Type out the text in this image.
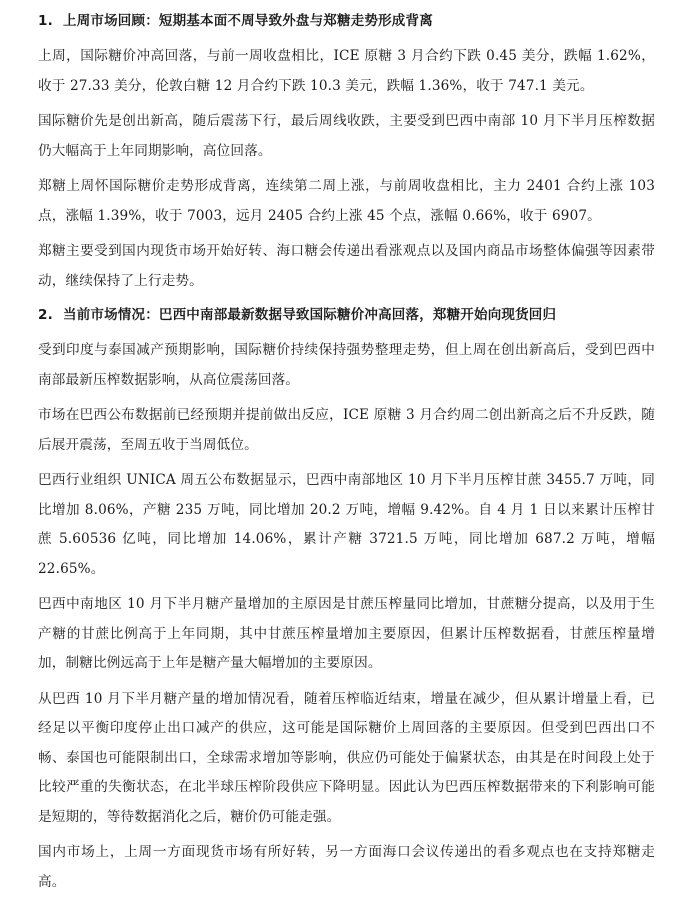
1. 上周市场回顾：短期基本面不周导致外盘与郑糖走势形成背离

上周，国际糖价冲高回落，与前一周收盘相比，ICE 原糖 3 月合约下跌 0.45 美分，跌幅 1.62%，收于 27.33 美分，伦敦白糖 12 月合约下跌 10.3 美元，跌幅 1.36%，收于 747.1 美元。

国际糖价先是创出新高，随后震荡下行，最后周线收跌，主要受到巴西中南部 10 月下半月压榨数据仍大幅高于上年同期影响，高位回落。

郑糖上周怀国际糖价走势形成背离，连续第二周上涨，与前周收盘相比，主力 2401 合约上涨 103 点，涨幅 1.39%，收于 7003，远月 2405 合约上涨 45 个点，涨幅 0.66%，收于 6907。

郑糖主要受到国内现货市场开始好转、海口糖会传递出看涨观点以及国内商品市场整体偏强等因素带动，继续保持了上行走势。

2. 当前市场情况：巴西中南部最新数据导致国际糖价冲高回落，郑糖开始向现货回归

受到印度与泰国减产预期影响，国际糖价持续保持强势整理走势，但上周在创出新高后，受到巴西中南部最新压榨数据影响，从高位震荡回落。

市场在巴西公布数据前已经预期并提前做出反应，ICE 原糖 3 月合约周二创出新高之后不升反跌，随后展开震荡，至周五收于当周低位。

巴西行业组织 UNICA 周五公布数据显示，巴西中南部地区 10 月下半月压榨甘蔗 3455.7 万吨，同比增加 8.06%，产糖 235 万吨，同比增加 20.2 万吨，增幅 9.42%。自 4 月 1 日以来累计压榨甘蔗 5.60536 亿吨，同比增加 14.06%，累计产糖 3721.5 万吨，同比增加 687.2 万吨，增幅 22.65%。

巴西中南地区 10 月下半月糖产量增加的主原因是甘蔗压榨量同比增加，甘蔗糖分提高，以及用于生产糖的甘蔗比例高于上年同期，其中甘蔗压榨量增加主要原因，但累计压榨数据看，甘蔗压榨量增加，制糖比例远高于上年是糖产量大幅增加的主要原因。

从巴西 10 月下半月糖产量的增加情况看，随着压榨临近结束，增量在减少，但从累计增量上看，已经足以平衡印度停止出口减产的供应，这可能是国际糖价上周回落的主要原因。但受到巴西出口不畅、泰国也可能限制出口，全球需求增加等影响，供应仍可能处于偏紧状态，由其是在时间段上处于比较严重的失衡状态，在北半球压榨阶段供应下降明显。因此认为巴西压榨数据带来的下利影响可能是短期的，等待数据消化之后，糖价仍可能走强。

国内市场上，上周一方面现货市场有所好转，另一方面海口会议传递出的看多观点也在支持郑糖走高。
